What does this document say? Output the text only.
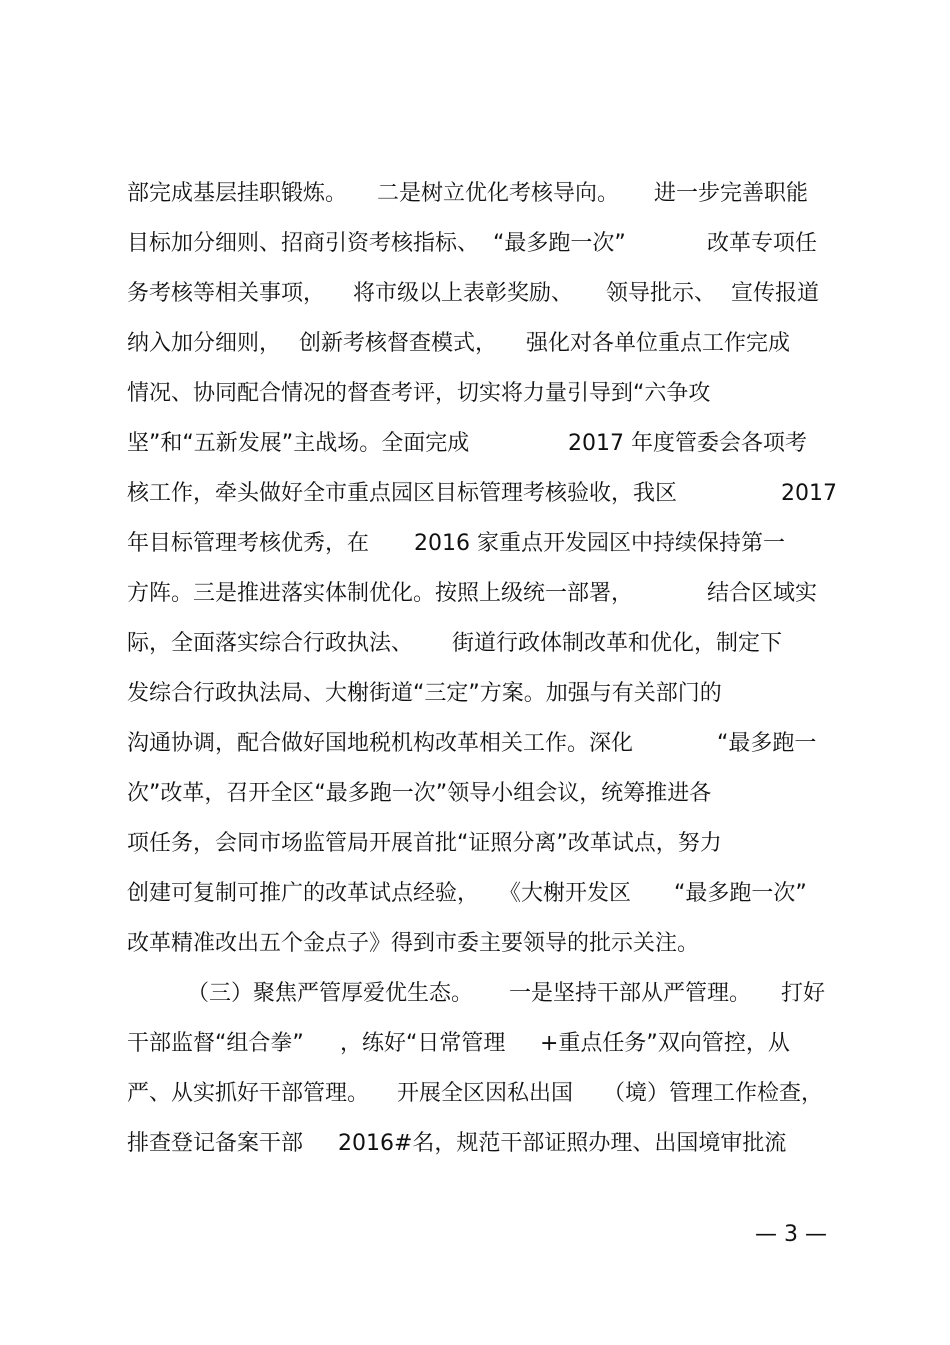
部完成基层挂职锻炼。 二是树立优化考核导向。 进一步完善职能
目标加分细则、招商引资考核指标、 “最多跑一次”	改革专项任
务考核等相关事项， 将市级以上表彰奖励、 领导批示、 宣传报道
纳入加分细则， 创新考核督查模式， 强化对各单位重点工作完成
情况、协同配合情况的督查考评，切实将力量引导到“六争攻
坚”和“五新发展”主战场。全面完成	2017 年度管委会各项考
核工作，牵头做好全市重点园区目标管理考核验收，我区	2017
年目标管理考核优秀，在 2016 家重点开发园区中持续保持第一
方阵。三是推进落实体制优化。按照上级统一部署，	结合区域实
际，全面落实综合行政执法、 街道行政体制改革和优化，制定下
发综合行政执法局、大榭街道“三定”方案。加强与有关部门的
沟通协调，配合做好国地税机构改革相关工作。深化	“最多跑一
次”改革，召开全区“最多跑一次”领导小组会议，统筹推进各
项任务，会同市场监管局开展首批“证照分离”改革试点，努力
创建可复制可推广的改革试点经验， 《大榭开发区 “最多跑一次”
改革精准改出五个金点子》得到市委主要领导的批示关注。
（三）聚焦严管厚爱优生态。 一是坚持干部从严管理。 打好
干部监督“组合拳” ，练好“日常管理 +重点任务”双向管控，从
严、从实抓好干部管理。 开展全区因私出国 （境）管理工作检查，
排查登记备案干部 2016#名，规范干部证照办理、出国境审批流
— 3 —
